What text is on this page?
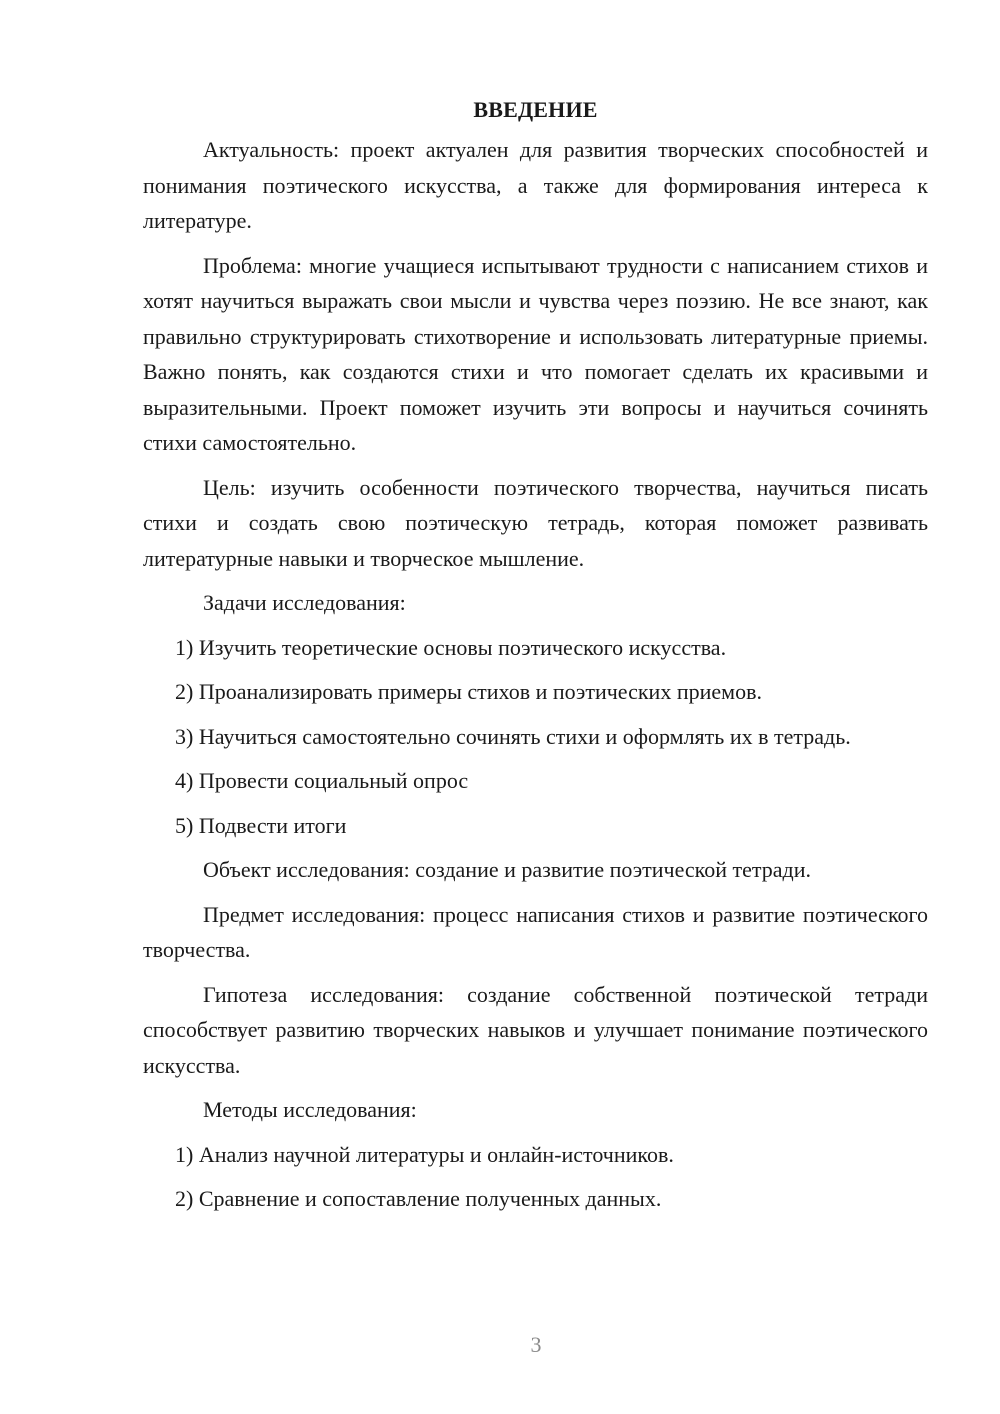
ВВЕДЕНИЕ

Актуальность: проект актуален для развития творческих способностей и понимания поэтического искусства, а также для формирования интереса к литературе.

Проблема: многие учащиеся испытывают трудности с написанием стихов и хотят научиться выражать свои мысли и чувства через поэзию. Не все знают, как правильно структурировать стихотворение и использовать литературные приемы. Важно понять, как создаются стихи и что помогает сделать их красивыми и выразительными. Проект поможет изучить эти вопросы и научиться сочинять стихи самостоятельно.

Цель: изучить особенности поэтического творчества, научиться писать стихи и создать свою поэтическую тетрадь, которая поможет развивать литературные навыки и творческое мышление.

Задачи исследования:

1) Изучить теоретические основы поэтического искусства.

2) Проанализировать примеры стихов и поэтических приемов.

3) Научиться самостоятельно сочинять стихи и оформлять их в тетрадь.

4) Провести социальный опрос

5) Подвести итоги

Объект исследования: создание и развитие поэтической тетради.

Предмет исследования: процесс написания стихов и развитие поэтического творчества.

Гипотеза исследования: создание собственной поэтической тетради способствует развитию творческих навыков и улучшает понимание поэтического искусства.

Методы исследования:

1) Анализ научной литературы и онлайн-источников.

2) Сравнение и сопоставление полученных данных.

3
